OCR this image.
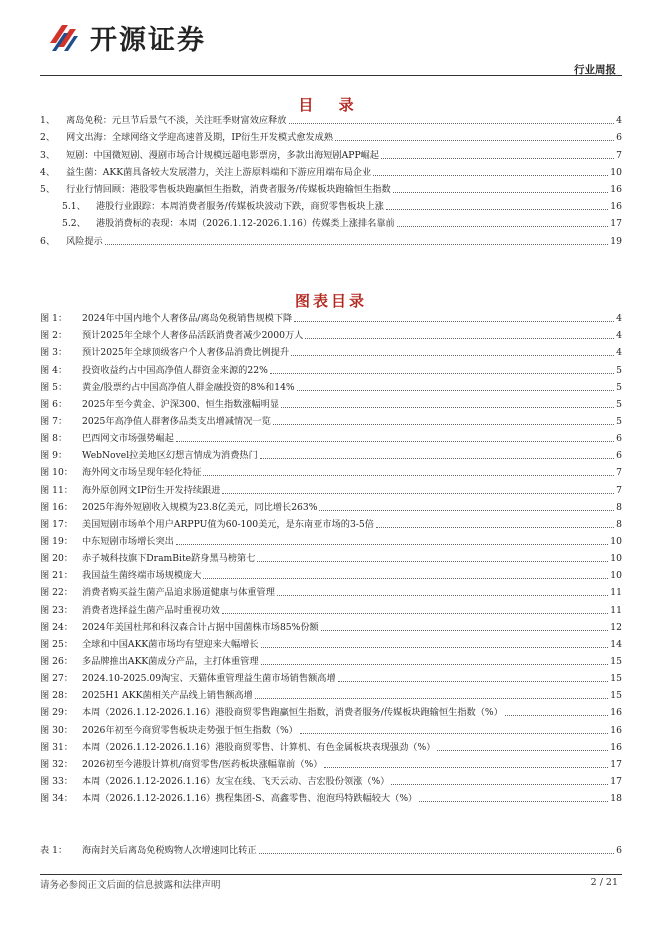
开源证券
行业周报
目 录
1、	离岛免税：元旦节后景气不淡，关注旺季财富效应释放	4
2、	网文出海：全球网络文学迎高速普及期，IP衍生开发模式愈发成熟	6
3、	短剧：中国微短剧、漫剧市场合计规模远超电影票房，多款出海短剧APP崛起	7
4、	益生菌：AKK菌具备较大发展潜力，关注上游原料端和下游应用端布局企业	10
5、	行业行情回顾：港股零售板块跑赢恒生指数，消费者服务/传媒板块跑输恒生指数	16
5.1、	港股行业跟踪：本周消费者服务/传媒板块波动下跌，商贸零售板块上涨	16
5.2、	港股消费标的表现：本周（2026.1.12-2026.1.16）传媒类上涨排名靠前	17
6、	风险提示	19
图表目录
图 1：	2024年中国内地个人奢侈品/离岛免税销售规模下降	4
图 2：	预计2025年全球个人奢侈品活跃消费者减少2000万人	4
图 3：	预计2025年全球顶级客户个人奢侈品消费比例提升	4
图 4：	投资收益约占中国高净值人群资金来源的22%	5
图 5：	黄金/股票约占中国高净值人群金融投资的8%和14%	5
图 6：	2025年至今黄金、沪深300、恒生指数涨幅明显	5
图 7：	2025年高净值人群奢侈品类支出增减情况一览	5
图 8：	巴西网文市场强势崛起	6
图 9：	WebNovel拉美地区幻想言情成为消费热门	6
图 10： 海外网文市场呈现年轻化特征	7
图 11： 海外原创网文IP衍生开发持续跟进	7
图 16： 2025年海外短剧收入规模为23.8亿美元，同比增长263%	8
图 17： 美国短剧市场单个用户ARPPU值为60-100美元，是东南亚市场的3-5倍	8
图 19： 中东短剧市场增长突出	10
图 20： 赤子城科技旗下DramBite跻身黑马榜第七	10
图 21： 我国益生菌终端市场规模庞大	10
图 22： 消费者购买益生菌产品追求肠道健康与体重管理	11
图 23： 消费者选择益生菌产品时重视功效	11
图 24： 2024年美国杜邦和科汉森合计占据中国菌株市场85%份额	12
图 25： 全球和中国AKK菌市场均有望迎来大幅增长	14
图 26： 多品牌推出AKK菌成分产品，主打体重管理	15
图 27： 2024.10-2025.09淘宝、天猫体重管理益生菌市场销售额高增	15
图 28： 2025H1 AKK菌相关产品线上销售额高增	15
图 29： 本周（2026.1.12-2026.1.16）港股商贸零售跑赢恒生指数，消费者服务/传媒板块跑输恒生指数（%）	16
图 30： 2026年初至今商贸零售板块走势强于恒生指数（%）	16
图 31： 本周（2026.1.12-2026.1.16）港股商贸零售、计算机、有色金属板块表现强劲（%）	16
图 32： 2026初至今港股计算机/商贸零售/医药板块涨幅靠前（%）	17
图 33： 本周（2026.1.12-2026.1.16）友宝在线、飞天云动、吉宏股份领涨（%）	17
图 34： 本周（2026.1.12-2026.1.16）携程集团-S、高鑫零售、泡泡玛特跌幅较大（%）	18
表 1：	海南封关后离岛免税购物人次增速同比转正	6
请务必参阅正文后面的信息披露和法律声明	2 / 21
